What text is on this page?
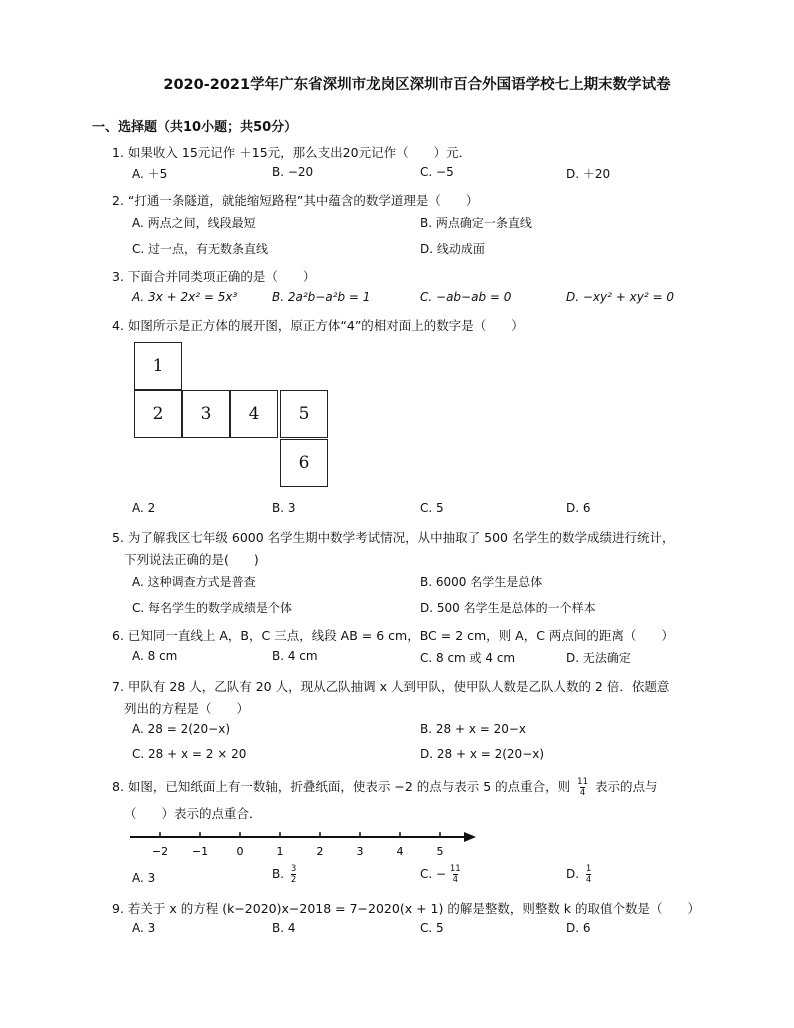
2020-2021学年广东省深圳市龙岗区深圳市百合外国语学校七上期末数学试卷
一、选择题（共10小题；共50分）
1. 如果收入 15元记作 ＋15元，那么支出20元记作（　　）元．
A. ＋5	B. −20	C. −5	D. ＋20
2. “打通一条隧道，就能缩短路程”其中蕴含的数学道理是（　　）
A. 两点之间，线段最短	B. 两点确定一条直线
C. 过一点，有无数条直线	D. 线动成面
3. 下面合并同类项正确的是（　　）
A. 3x + 2x² = 5x³	B. 2a²b−a²b = 1	C. −ab−ab = 0	D. −xy² + xy² = 0
4. 如图所示是正方体的展开图，原正方体“4”的相对面上的数字是（　　）
1
2	3	4	5
6
A. 2	B. 3	C. 5	D. 6
5. 为了解我区七年级 6000 名学生期中数学考试情况，从中抽取了 500 名学生的数学成绩进行统计，
下列说法正确的是(　　)
A. 这种调查方式是普查	B. 6000 名学生是总体
C. 每名学生的数学成绩是个体	D. 500 名学生是总体的一个样本
6. 已知同一直线上 A，B，C 三点，线段 AB = 6 cm，BC = 2 cm，则 A，C 两点间的距离（　　）
A. 8 cm	B. 4 cm	C. 8 cm 或 4 cm	D. 无法确定
7. 甲队有 28 人，乙队有 20 人，现从乙队抽调 x 人到甲队，使甲队人数是乙队人数的 2 倍．依题意
列出的方程是（　　）
A. 28 = 2(20−x)	B. 28 + x = 20−x
C. 28 + x = 2 × 20	D. 28 + x = 2(20−x)
8. 如图，已知纸面上有一数轴，折叠纸面，使表示 −2 的点与表示 5 的点重合，则 $\frac{11}{4}$ 表示的点与
（　　）表示的点重合．
−2 −1	0	1	2	3	4	5
A. 3	B. $\frac{3}{2}$	C. − $\frac{11}{4}$	D. $\frac{1}{4}$
9. 若关于 x 的方程 (k−2020)x−2018 = 7−2020(x + 1) 的解是整数，则整数 k 的取值个数是（　　）
A. 3	B. 4	C. 5	D. 6
